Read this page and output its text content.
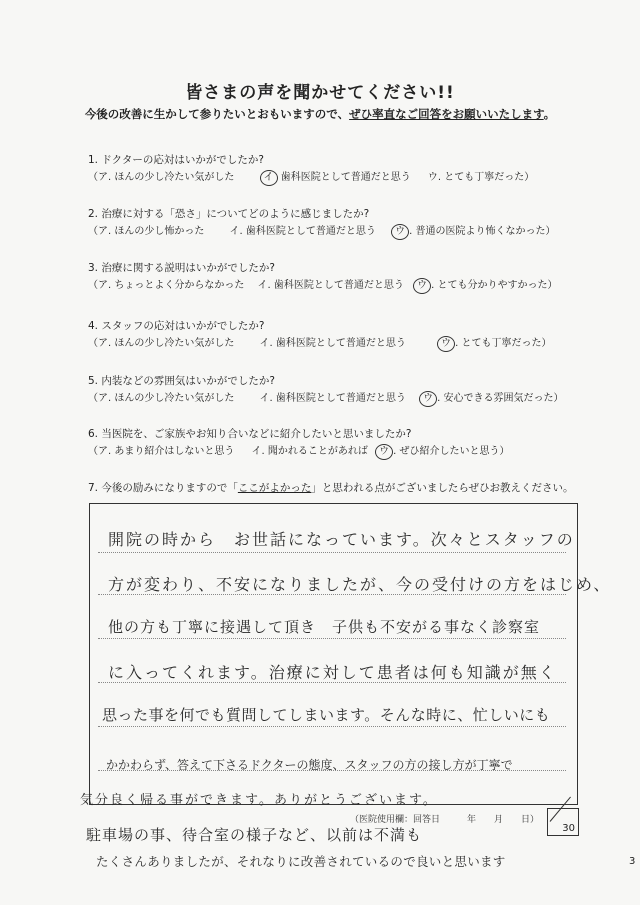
皆さまの声を聞かせてください!!
今後の改善に生かして参りたいとおもいますので、ぜひ率直なご回答をお願いいたします。
1. ドクターの応対はいかがでしたか?
（ア. ほんの少し冷たい気がした	イ 歯科医院として普通だと思う ウ. とても丁寧だった）
2. 治療に対する「恐さ」についてどのように感じましたか?
（ア. ほんの少し怖かった	イ. 歯科医院として普通だと思う ウ . 普通の医院より怖くなかった）
3. 治療に関する説明はいかがでしたか?
（ア. ちょっとよく分からなかった イ. 歯科医院として普通だと思う ウ . とても分かりやすかった）
4. スタッフの応対はいかがでしたか?
（ア. ほんの少し冷たい気がした	イ. 歯科医院として普通だと思う	ウ . とても丁寧だった）
5. 内装などの雰囲気はいかがでしたか?
（ア. ほんの少し冷たい気がした	イ. 歯科医院として普通だと思う ウ . 安心できる雰囲気だった）
6. 当医院を、ご家族やお知り合いなどに紹介したいと思いましたか?
（ア. あまり紹介はしないと思う イ. 聞かれることがあれば ウ . ぜひ紹介したいと思う）
7. 今後の励みになりますので「ここがよかった」と思われる点がございましたらぜひお教えください。
開院の時から　お世話になっています。次々とスタッフの
方が変わり、不安になりましたが、今の受付けの方をはじめ、
他の方も丁寧に接遇して頂き　子供も不安がる事なく診察室
に入ってくれます。治療に対して患者は何も知識が無く
思った事を何でも質問してしまいます。そんな時に、忙しいにも
かかわらず、答えて下さるドクターの態度、スタッフの方の接し方が丁寧で
気分良く帰る事ができます。ありがとうございます。
駐車場の事、待合室の様子など、以前は不満も
たくさんありましたが、それなりに改善されているので良いと思います
（医院使用欄：回答日　　　年　　月　　日）
30
3
